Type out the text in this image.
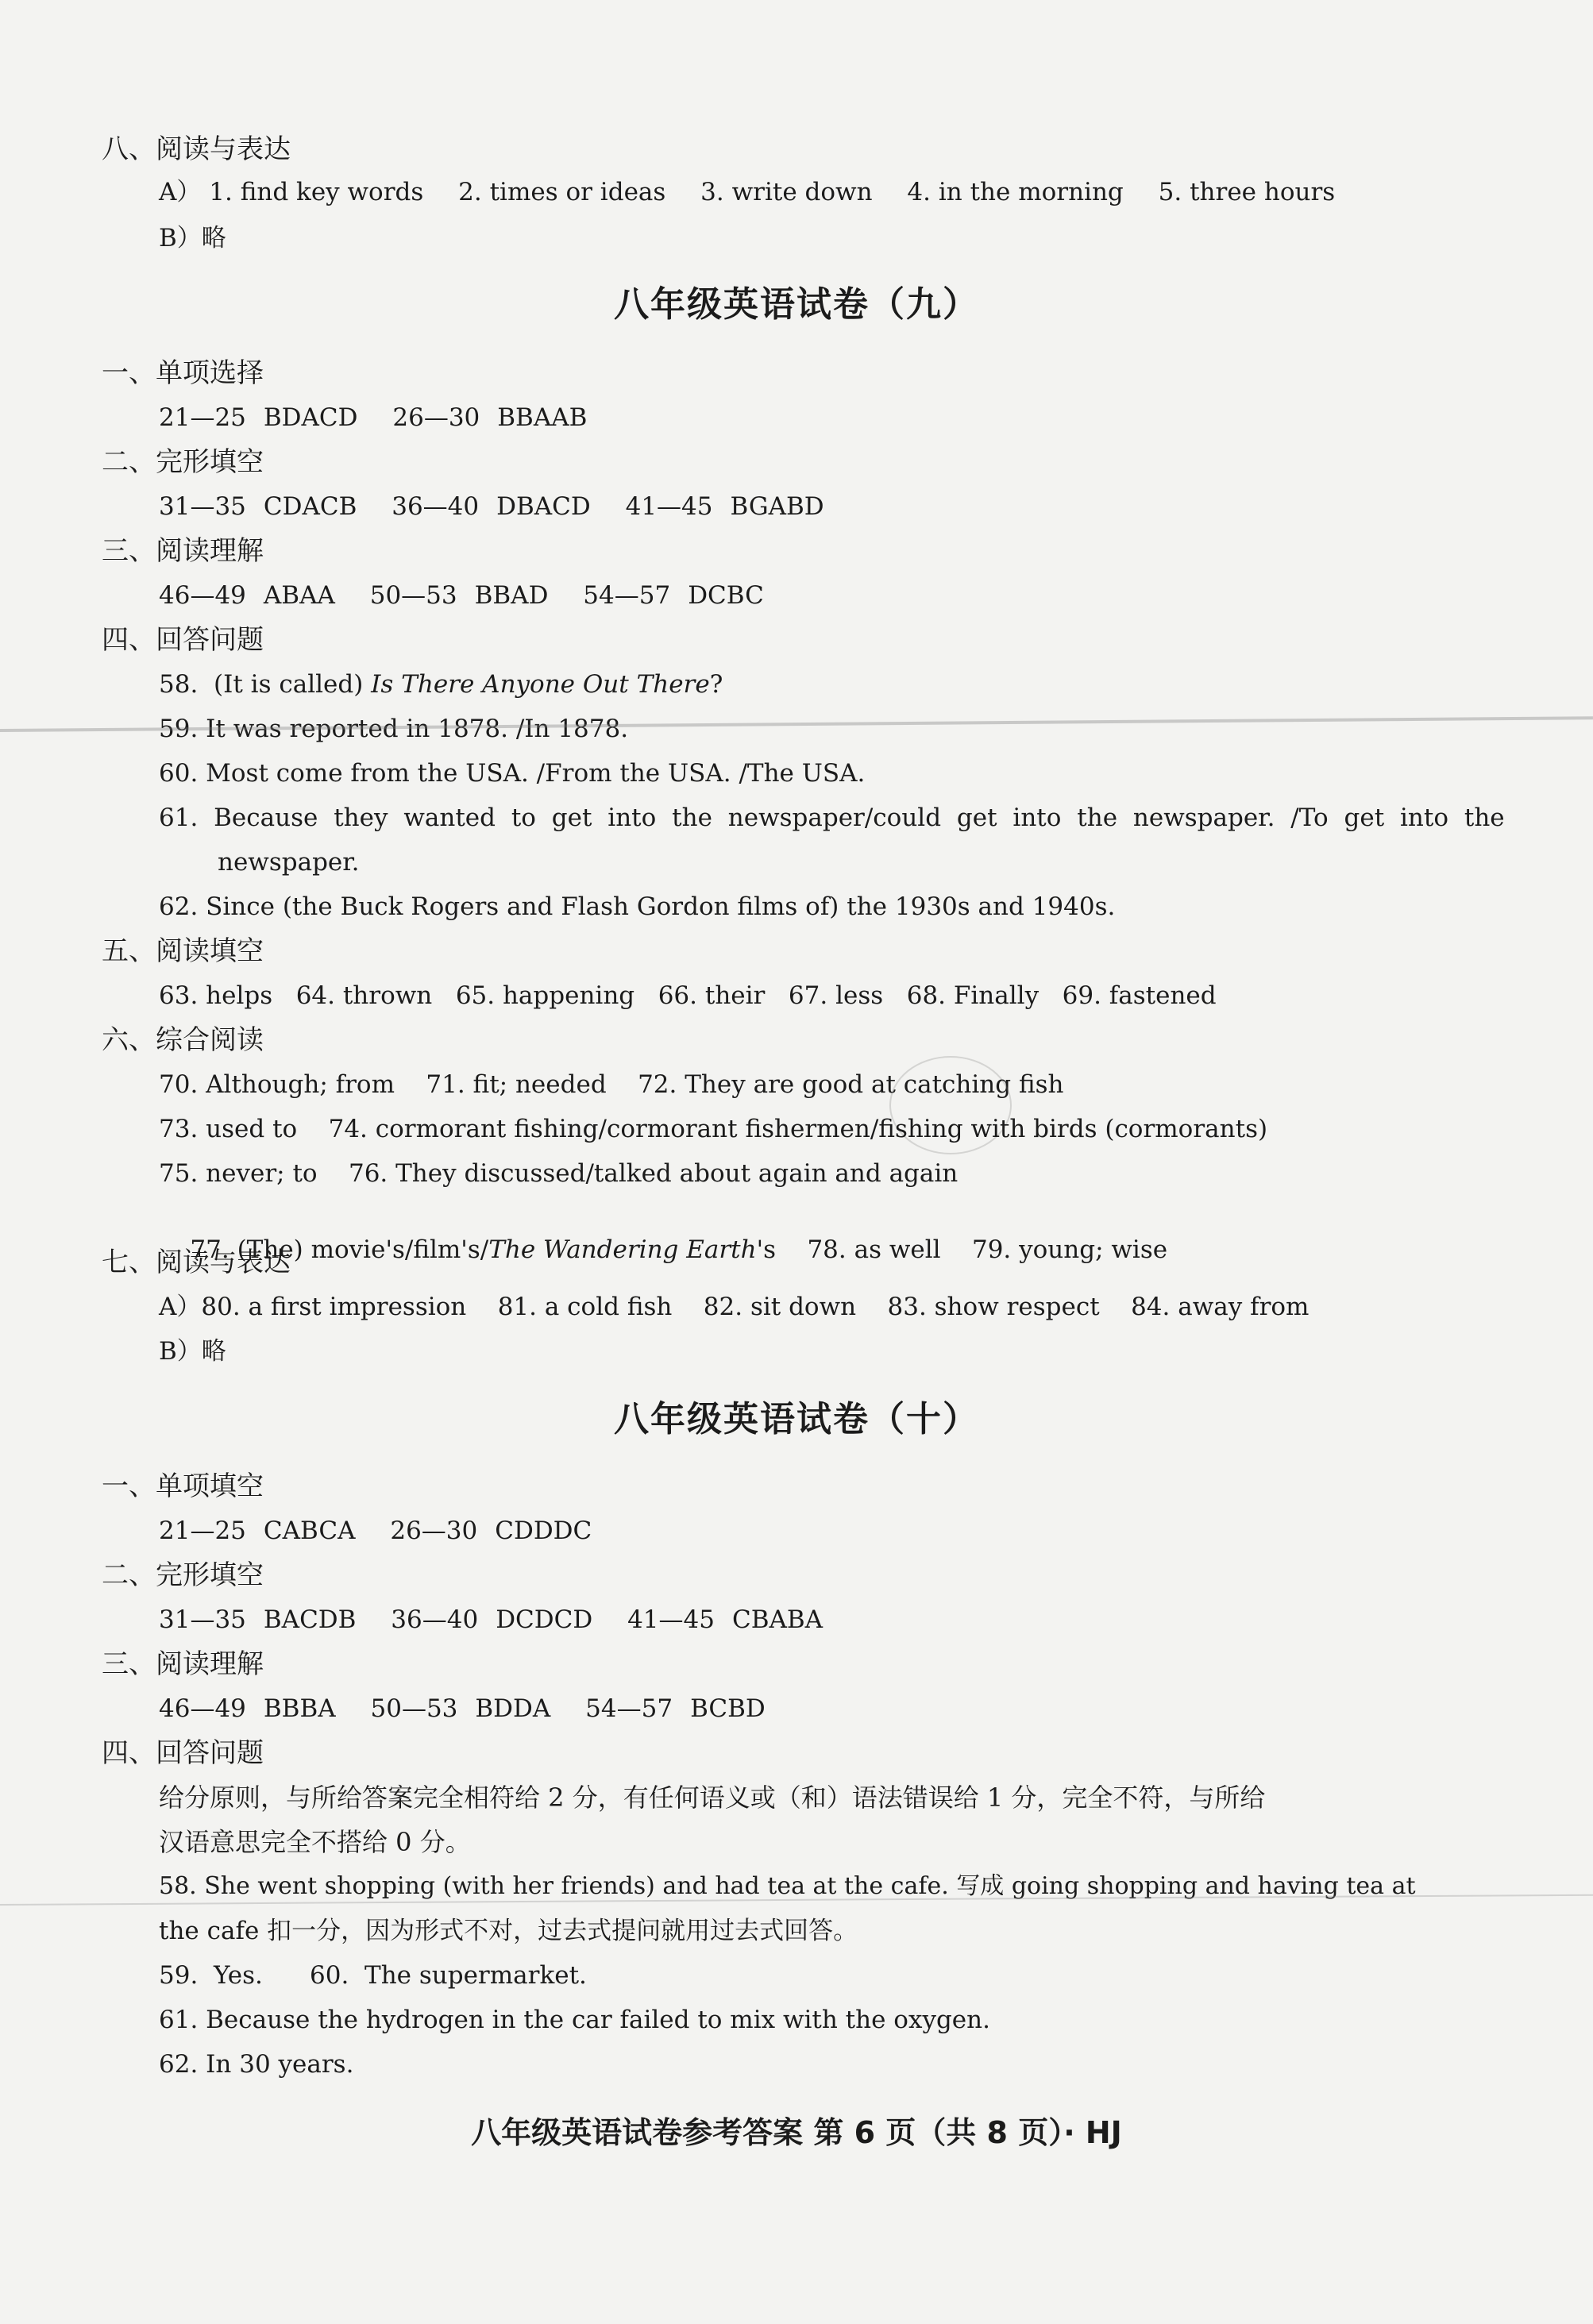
八、阅读与表达
A） 1. find key words 2. times or ideas 3. write down 4. in the morning 5. three hours
B）略
八年级英语试卷（九）
一、单项选择
21—25 BDACD 26—30 BBAAB
二、完形填空
31—35 CDACB 36—40 DBACD 41—45 BGABD
三、阅读理解
46—49 ABAA 50—53 BBAD 54—57 DCBC
四、回答问题
58. (It is called) Is There Anyone Out There?
59. It was reported in 1878. /In 1878.
60. Most come from the USA. /From the USA. /The USA.
61. Because they wanted to get into the newspaper/could get into the newspaper. /To get into the
newspaper.
62. Since (the Buck Rogers and Flash Gordon films of) the 1930s and 1940s.
五、阅读填空
63. helps   64. thrown   65. happening   66. their   67. less   68. Finally   69. fastened
六、综合阅读
70. Although; from    71. fit; needed    72. They are good at catching fish
73. used to    74. cormorant fishing/cormorant fishermen/fishing with birds (cormorants)
75. never; to    76. They discussed/talked about again and again

77. (The) movie's/film's/The Wandering Earth's    78. as well    79. young; wise

七、阅读与表达
A）80. a first impression    81. a cold fish    82. sit down    83. show respect    84. away from
B）略
八年级英语试卷（十）
一、单项填空
21—25 CABCA 26—30 CDDDC
二、完形填空
31—35 BACDB 36—40 DCDCD 41—45 CBABA
三、阅读理解
46—49 BBBA 50—53 BDDA 54—57 BCBD
四、回答问题
给分原则，与所给答案完全相符给 2 分，有任何语义或（和）语法错误给 1 分，完全不符，与所给
汉语意思完全不搭给 0 分。
58. She went shopping (with her friends) and had tea at the cafe. 写成 going shopping and having tea at
the cafe 扣一分，因为形式不对，过去式提问就用过去式回答。
59.  Yes.      60.  The supermarket.
61. Because the hydrogen in the car failed to mix with the oxygen.
62. In 30 years.
八年级英语试卷参考答案 第 6 页（共 8 页）· HJ
